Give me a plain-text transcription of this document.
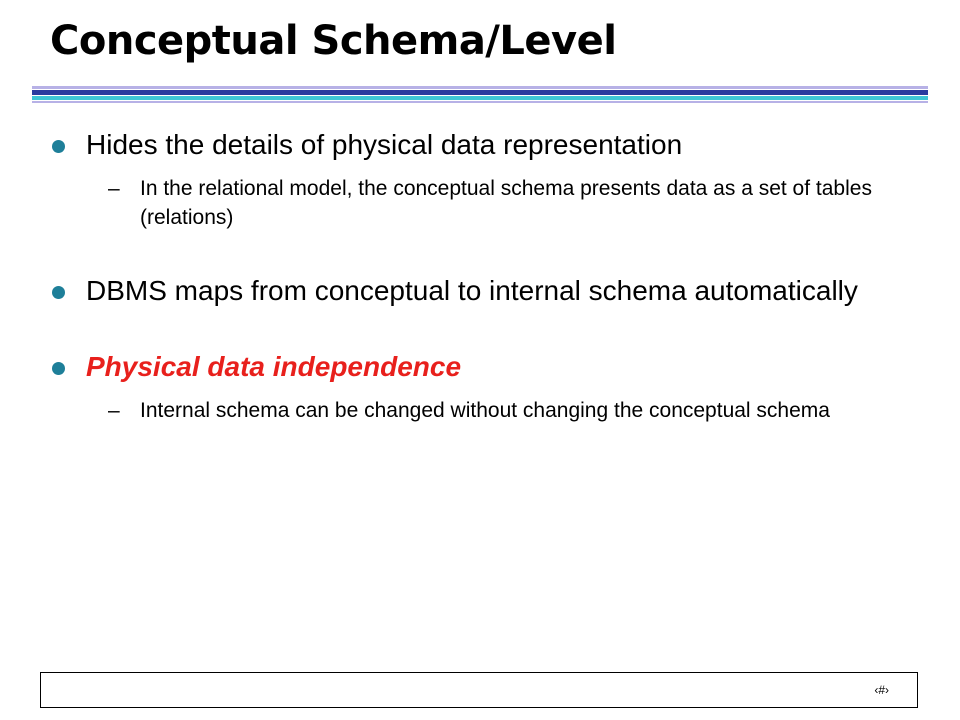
Conceptual Schema/Level
Hides the details of physical data representation
– In the relational model, the conceptual schema presents data as a set of tables (relations)
DBMS maps from conceptual to internal schema automatically
Physical data independence
– Internal schema can be changed without changing the conceptual schema
‹#›
